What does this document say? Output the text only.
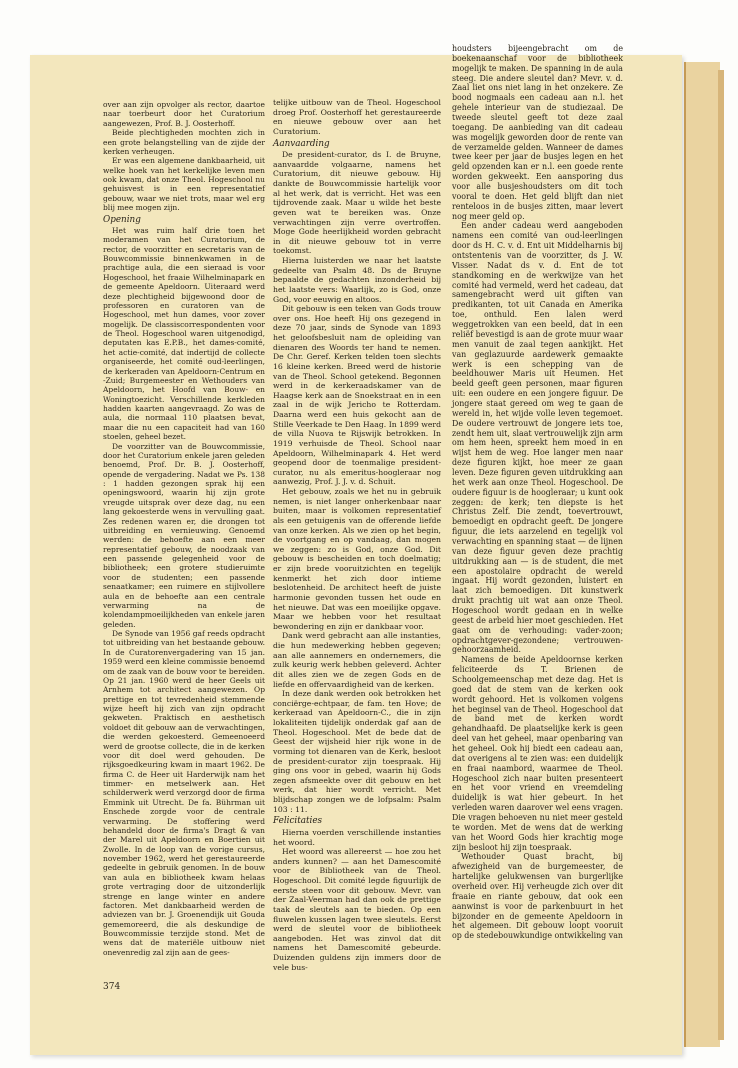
over aan zijn opvolger als rector, daartoe naar toerbeurt door het Curatorium aangewezen, Prof. B. J. Oosterhoff.

Beide plechtigheden mochten zich in een grote belangstelling van de zijde der kerken verheugen.

Er was een algemene dankbaarheid, uit welke hoek van het kerkelijke leven men ook kwam, dat onze Theol. Hogeschool nu gehuisvest is in een representatief gebouw, waar we niet trots, maar wel erg blij mee mogen zijn.

Opening

Het was ruim half drie toen het moderamen van het Curatorium, de rector, de voorzitter en secretaris van de Bouwcommissie binnenkwamen in de prachtige aula, die een sieraad is voor Hogeschool, het fraaie Wilhelminapark en de gemeente Apeldoorn. Uiteraard werd deze plechtigheid bijgewoond door de professoren en curatoren van de Hogeschool, met hun dames, voor zover mogelijk. De classiscorrespondenten voor de Theol. Hogeschool waren uitgenodigd, deputaten kas E.P.B., het dames-comité, het actie-comité, dat indertijd de collecte organiseerde, het comité oud-leerlingen, de kerkeraden van Apeldoorn-Centrum en -Zuid; Burgemeester en Wethouders van Apeldoorn, het Hoofd van Bouw- en Woningtoezicht. Verschillende kerkleden hadden kaarten aangevraagd. Zo was de aula, die normaal 110 plaatsen bevat, maar die nu een capaciteit had van 160 stoelen, geheel bezet.

De voorzitter van de Bouwcommissie, door het Curatorium enkele jaren geleden benoemd, Prof. Dr. B. J. Oosterhoff, opende de vergadering. Nadat we Ps. 138 : 1 hadden gezongen sprak hij een openingswoord, waarin hij zijn grote vreugde uitsprak over deze dag, nu een lang gekoesterde wens in vervulling gaat. Zes redenen waren er, die drongen tot uitbreiding en vernieuwing. Genoemd werden: de behoefte aan een meer representatief gebouw, de noodzaak van een passende gelegenheid voor de bibliotheek; een grotere studieruimte voor de studenten; een passende senaatkamer; een ruimere en stijlvollere aula en de behoefte aan een centrale verwarming na de kolendampmoeilijkheden van enkele jaren geleden.

De Synode van 1956 gaf reeds opdracht tot uitbreiding van het bestaande gebouw. In de Curatorenvergadering van 15 jan. 1959 werd een kleine commissie benoemd om de zaak van de bouw voor te bereiden. Op 21 jan. 1960 werd de heer Geels uit Arnhem tot architect aangewezen. Op prettige en tot tevredenheid stemmende wijze heeft hij zich van zijn opdracht gekweten. Praktisch en aesthetisch voldoet dit gebouw aan de verwachtingen, die werden gekoesterd. Gemeenoeerd werd de grootse collecte, die in de kerken voor dit doel werd gehouden. De rijksgoedkeuring kwam in maart 1962. De firma C. de Heer uit Harderwijk nam het timmer- en metselwerk aan. Het schilderwerk werd verzorgd door de firma Emmink uit Utrecht. De fa. Bührman uit Enschede zorgde voor de centrale verwarming. De stoffering werd behandeld door de firma's Dragt & van der Marel uit Apeldoorn en Boertien uit Zwolle. In de loop van de vorige cursus, november 1962, werd het gerestaureerde gedeelte in gebruik genomen. In de bouw van aula en bibliotheek kwam helaas grote vertraging door de uitzonderlijk strenge en lange winter en andere factoren. Met dankbaarheid werden de adviezen van br. J. Groenendijk uit Gouda gememoreerd, die als deskundige de Bouwcommissie terzijde stond. Met de wens dat de materiële uitbouw niet onevenredig zal zijn aan de gees-

telijke uitbouw van de Theol. Hogeschool droeg Prof. Oosterhoff het gerestaureerde en nieuwe gebouw over aan het Curatorium.

Aanvaarding

De president-curator, ds I. de Bruyne, aanvaardde volgaarne, namens het Curatorium, dit nieuwe gebouw. Hij dankte de Bouwcommissie hartelijk voor al het werk, dat is verricht. Het was een tijdrovende zaak. Maar u wilde het beste geven wat te bereiken was. Onze verwachtingen zijn verre overtroffen. Moge Gode heerlijkheid worden gebracht in dit nieuwe gebouw tot in verre toekomst.

Hierna luisterden we naar het laatste gedeelte van Psalm 48. Ds de Bruyne bepaalde de gedachten inzonderheid bij het laatste vers: Waarlijk, zo is God, onze God, voor eeuwig en altoos.

Dit gebouw is een teken van Gods trouw over ons. Hoe heeft Hij ons gezegend in deze 70 jaar, sinds de Synode van 1893 het geloofsbesluit nam de opleiding van dienaren des Woords ter hand te nemen. De Chr. Geref. Kerken telden toen slechts 16 kleine kerken. Breed werd de historie van de Theol. School getekend. Begonnen werd in de kerkeraadskamer van de Haagse kerk aan de Snoekstraat en in een zaal in de wijk Jericho te Rotterdam. Daarna werd een huis gekocht aan de Stille Veerkade te Den Haag. In 1899 werd de villa Nuova te Rijswijk betrokken. In 1919 verhuisde de Theol. School naar Apeldoorn, Wilhelminapark 4. Het werd geopend door de toenmalige president-curator, nu als emeritus-hoogleraar nog aanwezig, Prof. J. J. v. d. Schuit.

Het gebouw, zoals we het nu in gebruik nemen, is niet langer onherkenbaar naar buiten, maar is volkomen representatief als een getuigenis van de offerende liefde van onze kerken. Als we zien op het begin, de voortgang en op vandaag, dan mogen we zeggen: zo is God, onze God. Dit gebouw is bescheiden en toch doelmatig; er zijn brede vooruitzichten en tegelijk kenmerkt het zich door intieme beslotenheid. De architect heeft de juiste harmonie gevonden tussen het oude en het nieuwe. Dat was een moeilijke opgave. Maar we hebben voor het resultaat bewondering en zijn er dankbaar voor.

Dank werd gebracht aan alle instanties, die hun medewerking hebben gegeven; aan alle aannemers en ondernemers, die zulk keurig werk hebben geleverd. Achter dit alles zien we de zegen Gods en de liefde en offervaardigheid van de kerken.

In deze dank werden ook betrokken het conciërge-echtpaar, de fam. ten Hove; de kerkeraad van Apeldoorn-C., die in zijn lokaliteiten tijdelijk onderdak gaf aan de Theol. Hogeschool. Met de bede dat de Geest der wijsheid hier rijk wone in de vorming tot dienaren van de Kerk, besloot de president-curator zijn toespraak. Hij ging ons voor in gebed, waarin hij Gods zegen afsmeekte over dit gebouw en het werk, dat hier wordt verricht. Met blijdschap zongen we de lofpsalm: Psalm 103 : 11.

Felicitaties

Hierna voerden verschillende instanties het woord.

Het woord was allereerst — hoe zou het anders kunnen? — aan het Damescomité voor de Bibliotheek van de Theol. Hogeschool. Dit comité legde figuurlijk de eerste steen voor dit gebouw. Mevr. van der Zaal-Veerman had dan ook de prettige taak de sleutels aan te bieden. Op een fluwelen kussen lagen twee sleutels. Eerst werd de sleutel voor de bibliotheek aangeboden. Het was zinvol dat dit namens het Damescomité gebeurde. Duizenden guldens zijn immers door de vele bus-

houdsters bijeengebracht om de boekenaanschaf voor de bibliotheek mogelijk te maken. De spanning in de aula steeg. Die andere sleutel dan? Mevr. v. d. Zaal liet ons niet lang in het onzekere. Ze bood nogmaals een cadeau aan n.l. het gehele interieur van de studiezaal. De tweede sleutel geeft tot deze zaal toegang. De aanbieding van dit cadeau was mogelijk geworden door de rente van de verzamelde gelden. Wanneer de dames twee keer per jaar de busjes legen en het geld opzenden kan er n.l. een goede rente worden gekweekt. Een aansporing dus voor alle busjeshoudsters om dit toch vooral te doen. Het geld blijft dan niet renteloos in de busjes zitten, maar levert nog meer geld op.

Een ander cadeau werd aangeboden namens een comité van oud-leerlingen door ds H. C. v. d. Ent uit Middelharnis bij ontstentenis van de voorzitter, ds J. W. Visser. Nadat ds v. d. Ent de tot standkoming en de werkwijze van het comité had vermeld, werd het cadeau, dat samengebracht werd uit giften van predikanten, tot uit Canada en Amerika toe, onthuld. Een lalen werd weggetrokken van een beeld, dat in een reliëf bevestigd is aan de grote muur waar men vanuit de zaal tegen aankijkt. Het van geglazuurde aardewerk gemaakte werk is een schepping van de beeldhouwer Maris uit Heumen. Het beeld geeft geen personen, maar figuren uit: een oudere en een jongere figuur. De jongere staat gereed om weg te gaan de wereld in, het wijde volle leven tegemoet. De oudere vertrouwt de jongere iets toe, zendt hem uit, slaat vertrouwelijk zijn arm om hem heen, spreekt hem moed in en wijst hem de weg. Hoe langer men naar deze figuren kijkt, hoe meer ze gaan leven. Deze figuren geven uitdrukking aan het werk aan onze Theol. Hogeschool. De oudere figuur is de hoogleraar; u kunt ook zeggen: de kerk; ten diepste is het Christus Zelf. Die zendt, toevertrouwt, bemoedigt en opdracht geeft. De jongere figuur, die iets aarzelend en tegelijk vol verwachting en spanning staat — de lijnen van deze figuur geven deze prachtig uitdrukking aan — is de student, die met een apostolaire opdracht de wereld ingaat. Hij wordt gezonden, luistert en laat zich bemoedigen. Dit kunstwerk drukt prachtig uit wat aan onze Theol. Hogeschool wordt gedaan en in welke geest de arbeid hier moet geschieden. Het gaat om de verhouding: vader-zoon; opdrachtgever-gezondene; vertrouwen-gehoorzaamheid.

Namens de beide Apeldoornse kerken feliciteerde ds T. Brienen de Schoolgemeenschap met deze dag. Het is goed dat de stem van de kerken ook wordt gehoord. Het is volkomen volgens het beginsel van de Theol. Hogeschool dat de band met de kerken wordt gehandhaafd. De plaatselijke kerk is geen deel van het geheel, maar openbaring van het geheel. Ook hij biedt een cadeau aan, dat overigens al te zien was: een duidelijk en fraai naambord, waarmee de Theol. Hogeschool zich naar buiten presenteert en het voor vriend en vreemdeling duidelijk is wat hier gebeurt. In het verleden waren daarover wel eens vragen. Die vragen behoeven nu niet meer gesteld te worden. Met de wens dat de werking van het Woord Gods hier krachtig moge zijn besloot hij zijn toespraak.

Wethouder Quast bracht, bij afwezigheid van de burgemeester, de hartelijke gelukwensen van burgerlijke overheid over. Hij verheugde zich over dit fraaie en riante gebouw, dat ook een aanwinst is voor de parkenbuurt in het bijzonder en de gemeente Apeldoorn in het algemeen. Dit gebouw loopt vooruit op de stedebouwkundige ontwikkeling van

374
